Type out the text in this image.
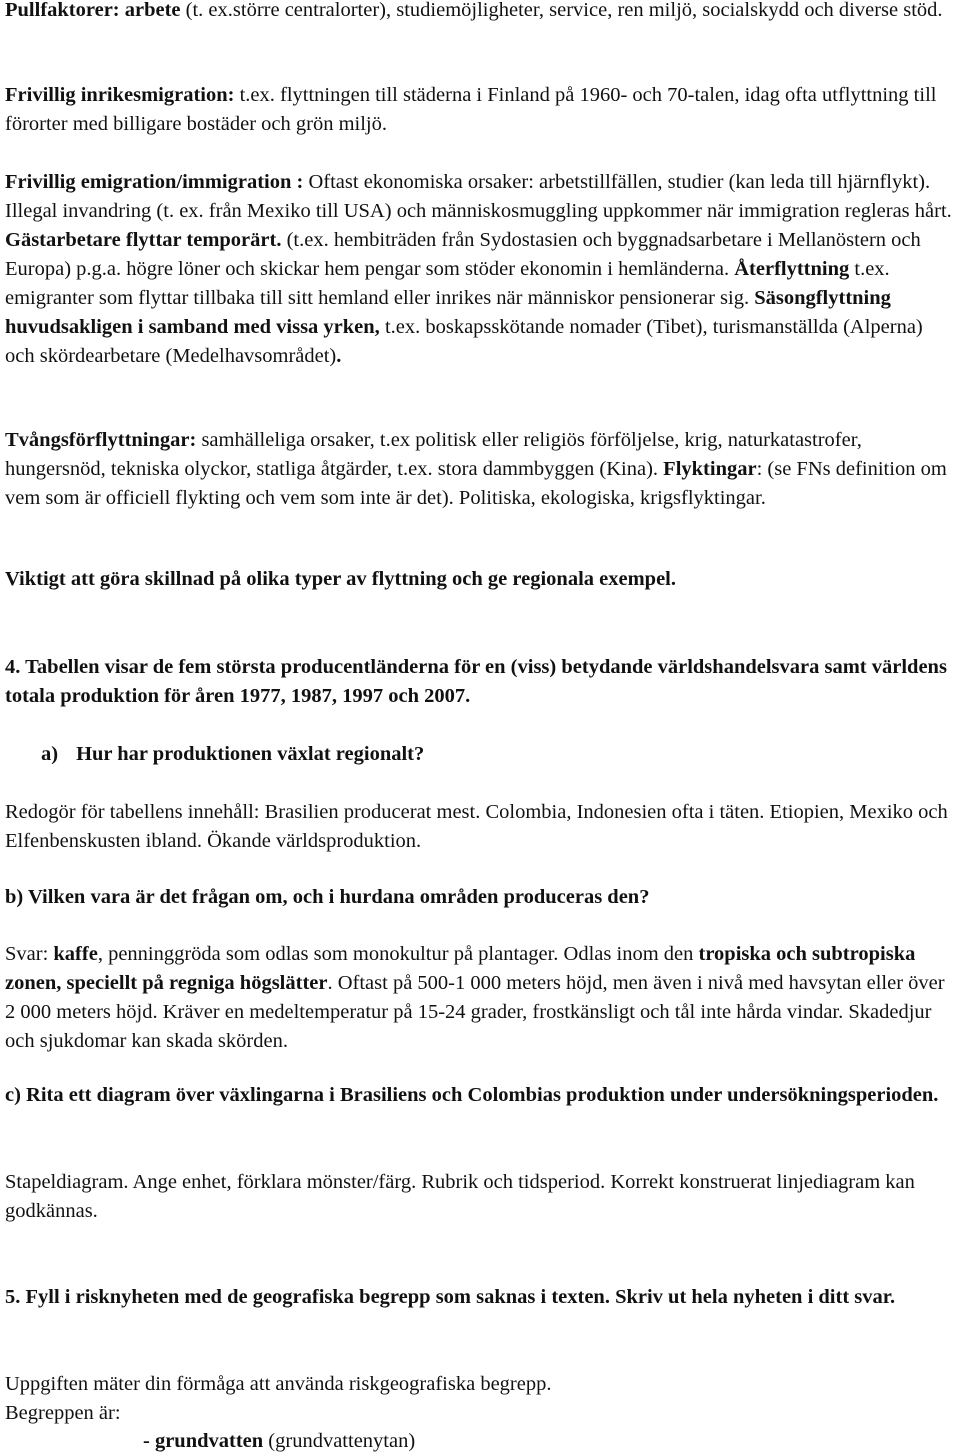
Pullfaktorer: arbete (t. ex.större centralorter), studiemöjligheter, service, ren miljö, socialskydd och diverse stöd.

Frivillig inrikesmigration: t.ex. flyttningen till städerna i Finland på 1960- och 70-talen, idag ofta utflyttning till förorter med billigare bostäder och grön miljö.

Frivillig emigration/immigration : Oftast ekonomiska orsaker: arbetstillfällen, studier (kan leda till hjärnflykt). Illegal invandring (t. ex. från Mexiko till USA) och människosmuggling uppkommer när immigration regleras hårt. Gästarbetare flyttar temporärt. (t.ex. hembiträden från Sydostasien och byggnadsarbetare i Mellanöstern och Europa) p.g.a. högre löner och skickar hem pengar som stöder ekonomin i hemländerna. Återflyttning t.ex. emigranter som flyttar tillbaka till sitt hemland eller inrikes när människor pensionerar sig. Säsongflyttning huvudsakligen i samband med vissa yrken, t.ex. boskapsskötande nomader (Tibet), turismanställda (Alperna) och skördearbetare (Medelhavsområdet).

Tvångsförflyttningar: samhälleliga orsaker, t.ex politisk eller religiös förföljelse, krig, naturkatastrofer, hungersnöd, tekniska olyckor, statliga åtgärder, t.ex. stora dammbyggen (Kina). Flyktingar: (se FNs definition om vem som är officiell flykting och vem som inte är det). Politiska, ekologiska, krigsflyktingar.

Viktigt att göra skillnad på olika typer av flyttning och ge regionala exempel.

4. Tabellen visar de fem största producentländerna för en (viss) betydande världshandelsvara samt världens totala produktion för åren 1977, 1987, 1997 och 2007.

a) Hur har produktionen växlat regionalt?

Redogör för tabellens innehåll: Brasilien producerat mest. Colombia, Indonesien ofta i täten. Etiopien, Mexiko och Elfenbenskusten ibland. Ökande världsproduktion.

b) Vilken vara är det frågan om, och i hurdana områden produceras den?

Svar: kaffe, penninggröda som odlas som monokultur på plantager. Odlas inom den tropiska och subtropiska zonen, speciellt på regniga högslätter. Oftast på 500-1 000 meters höjd, men även i nivå med havsytan eller över 2 000 meters höjd. Kräver en medeltemperatur på 15-24 grader, frostkänsligt och tål inte hårda vindar. Skadedjur och sjukdomar kan skada skörden.

c) Rita ett diagram över växlingarna i Brasiliens och Colombias produktion under undersökningsperioden.

Stapeldiagram. Ange enhet, förklara mönster/färg. Rubrik och tidsperiod. Korrekt konstruerat linjediagram kan godkännas.

5. Fyll i risknyheten med de geografiska begrepp som saknas i texten. Skriv ut hela nyheten i ditt svar.

Uppgiften mäter din förmåga att använda riskgeografiska begrepp.

Begreppen är:

- grundvatten (grundvattenytan)
